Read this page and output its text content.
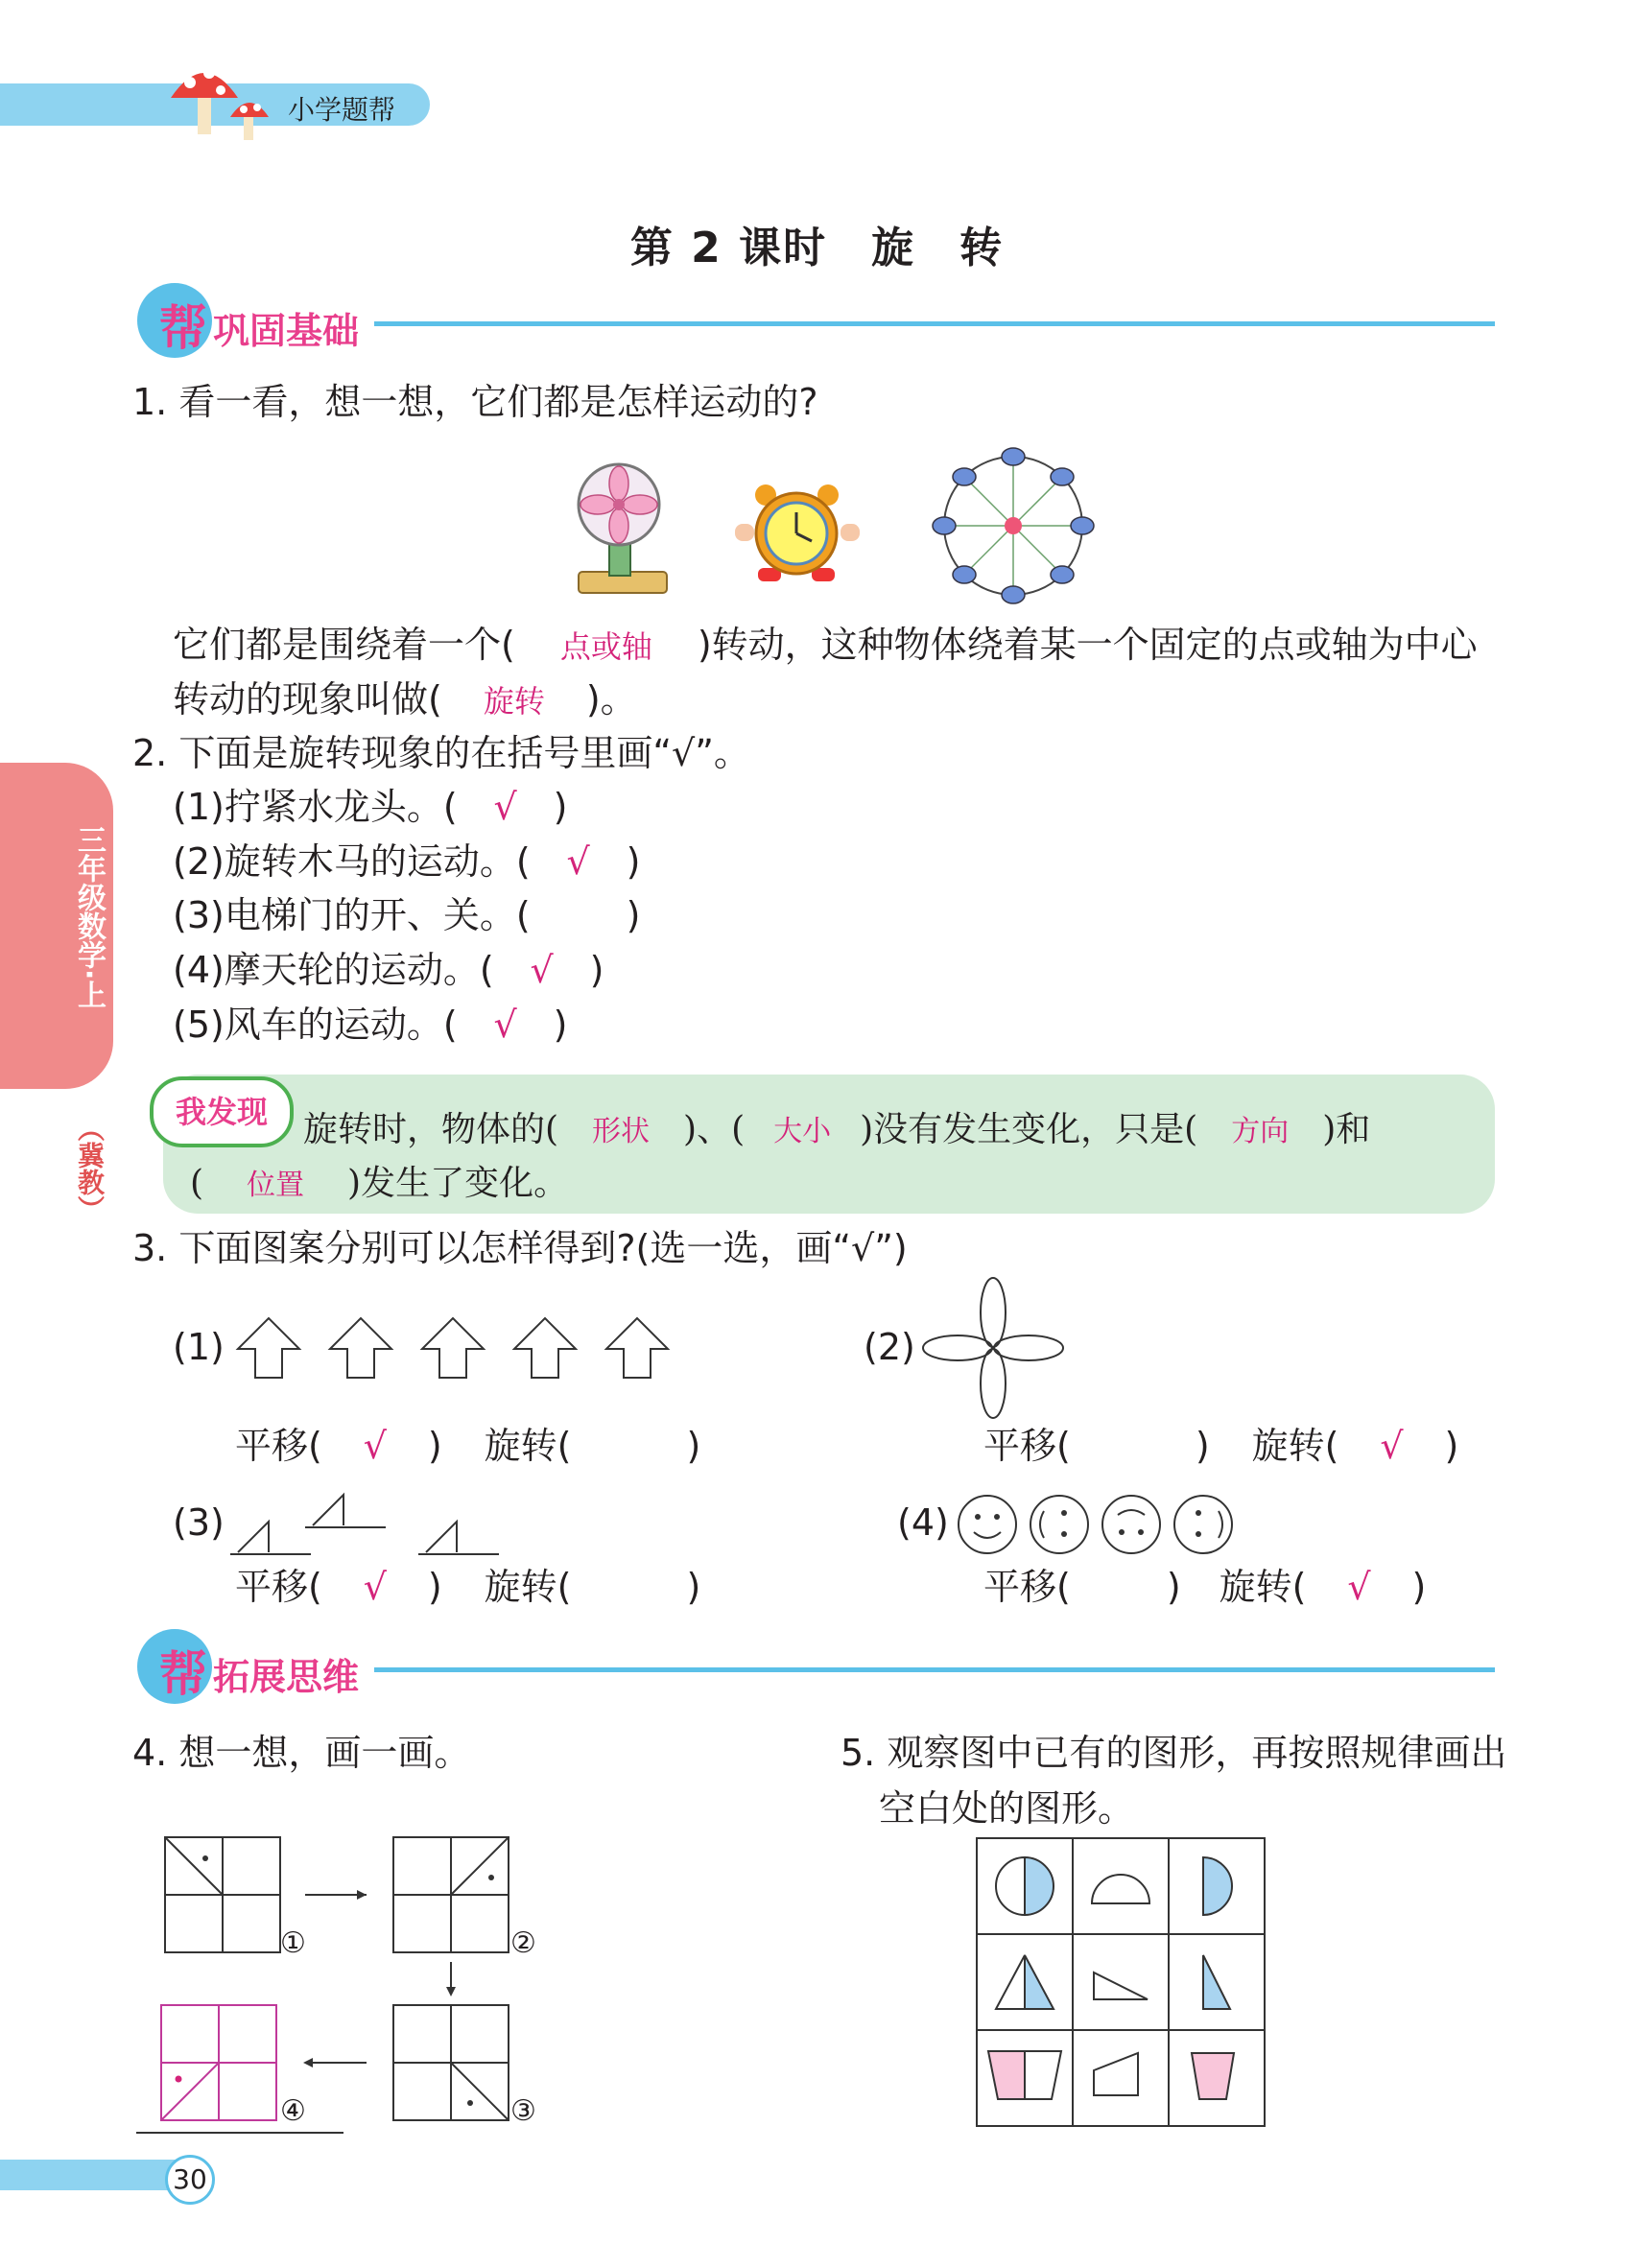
小学题帮
第 2 课时　旋　转
帮 巩固基础
三年级数学·上
（冀教）
1. 看一看，想一想，它们都是怎样运动的?
它们都是围绕着一个( 点或轴 )转动，这种物体绕着某一个固定的点或轴为中心
转动的现象叫做( 旋转 )。
2. 下面是旋转现象的在括号里画“√”。
(1)拧紧水龙头。( √ )
(2)旋转木马的运动。( √ )
(3)电梯门的开、关。(	)
(4)摩天轮的运动。( √ )
(5)风车的运动。( √ )
我发现	旋转时，物体的( 形状 )、( 大小 )没有发生变化，只是( 方向 )和
( 位置 )发生了变化。
3. 下面图案分别可以怎样得到?(选一选，画“√”)
(1)	(2)
平移( √ ) 旋转(	)	平移(	) 旋转( √ )
(3)	(4)
平移( √ ) 旋转(	)	平移(	) 旋转( √ )
帮 拓展思维
4. 想一想，画一画。
①	②
③
④
5. 观察图中已有的图形，再按照规律画出
空白处的图形。
30
